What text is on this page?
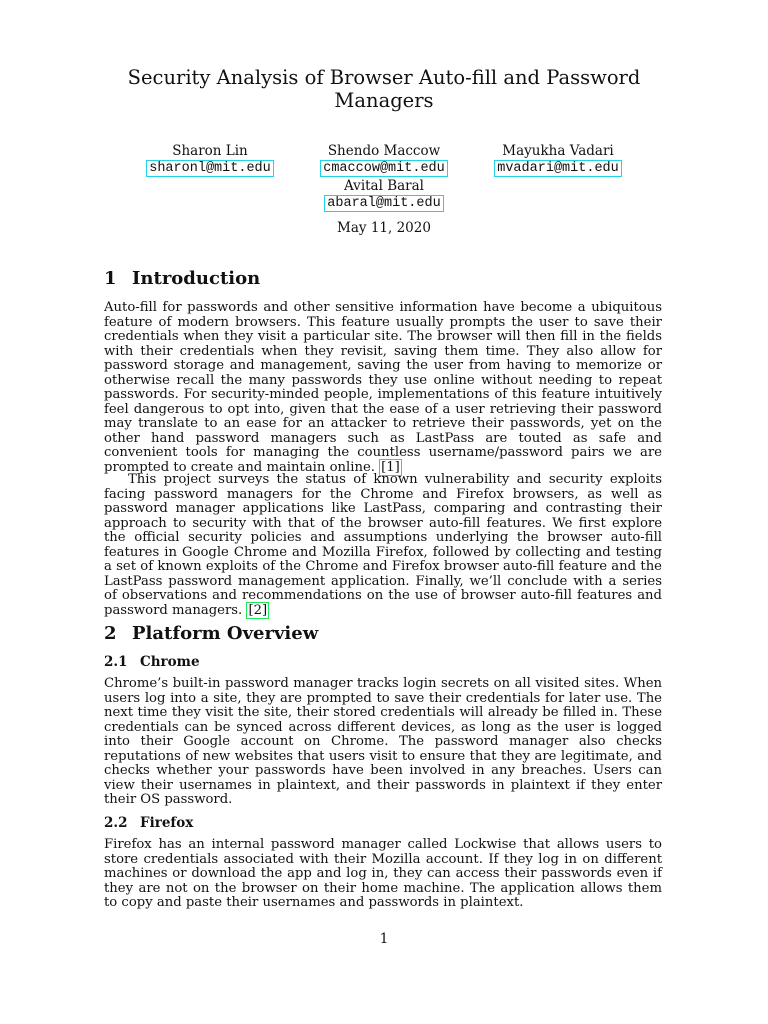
Security Analysis of Browser Auto-fill and Password Managers
Sharon Lin
sharonl@mit.edu
Shendo Maccow
cmaccow@mit.edu
Mayukha Vadari
mvadari@mit.edu
Avital Baral
abaral@mit.edu
May 11, 2020
1 Introduction

Auto-fill for passwords and other sensitive information have become a ubiquitous feature of modern browsers. This feature usually prompts the user to save their credentials when they visit a particular site. The browser will then fill in the fields with their credentials when they revisit, saving them time. They also allow for password storage and management, saving the user from having to memorize or otherwise recall the many passwords they use online without needing to repeat passwords. For security-minded people, implementations of this feature intuitively feel dangerous to opt into, given that the ease of a user retrieving their password may translate to an ease for an attacker to retrieve their passwords, yet on the other hand password managers such as LastPass are touted as safe and convenient tools for managing the countless username/password pairs we are prompted to create and maintain online. [1]

This project surveys the status of known vulnerability and security exploits facing password managers for the Chrome and Firefox browsers, as well as password manager applications like LastPass, comparing and contrasting their approach to security with that of the browser auto-fill features. We first explore the official security policies and assumptions underlying the browser auto-fill features in Google Chrome and Mozilla Firefox, followed by collecting and testing a set of known exploits of the Chrome and Firefox browser auto-fill feature and the LastPass password management application. Finally, we’ll conclude with a series of observations and recommendations on the use of browser auto-fill features and password managers. [2]

2 Platform Overview
2.1 Chrome

Chrome’s built-in password manager tracks login secrets on all visited sites. When users log into a site, they are prompted to save their credentials for later use. The next time they visit the site, their stored credentials will already be filled in. These credentials can be synced across different devices, as long as the user is logged into their Google account on Chrome. The password manager also checks reputations of new websites that users visit to ensure that they are legitimate, and checks whether your passwords have been involved in any breaches. Users can view their usernames in plaintext, and their passwords in plaintext if they enter their OS password.

2.2 Firefox

Firefox has an internal password manager called Lockwise that allows users to store credentials associated with their Mozilla account. If they log in on different machines or download the app and log in, they can access their passwords even if they are not on the browser on their home machine. The application allows them to copy and paste their usernames and passwords in plaintext.

1
